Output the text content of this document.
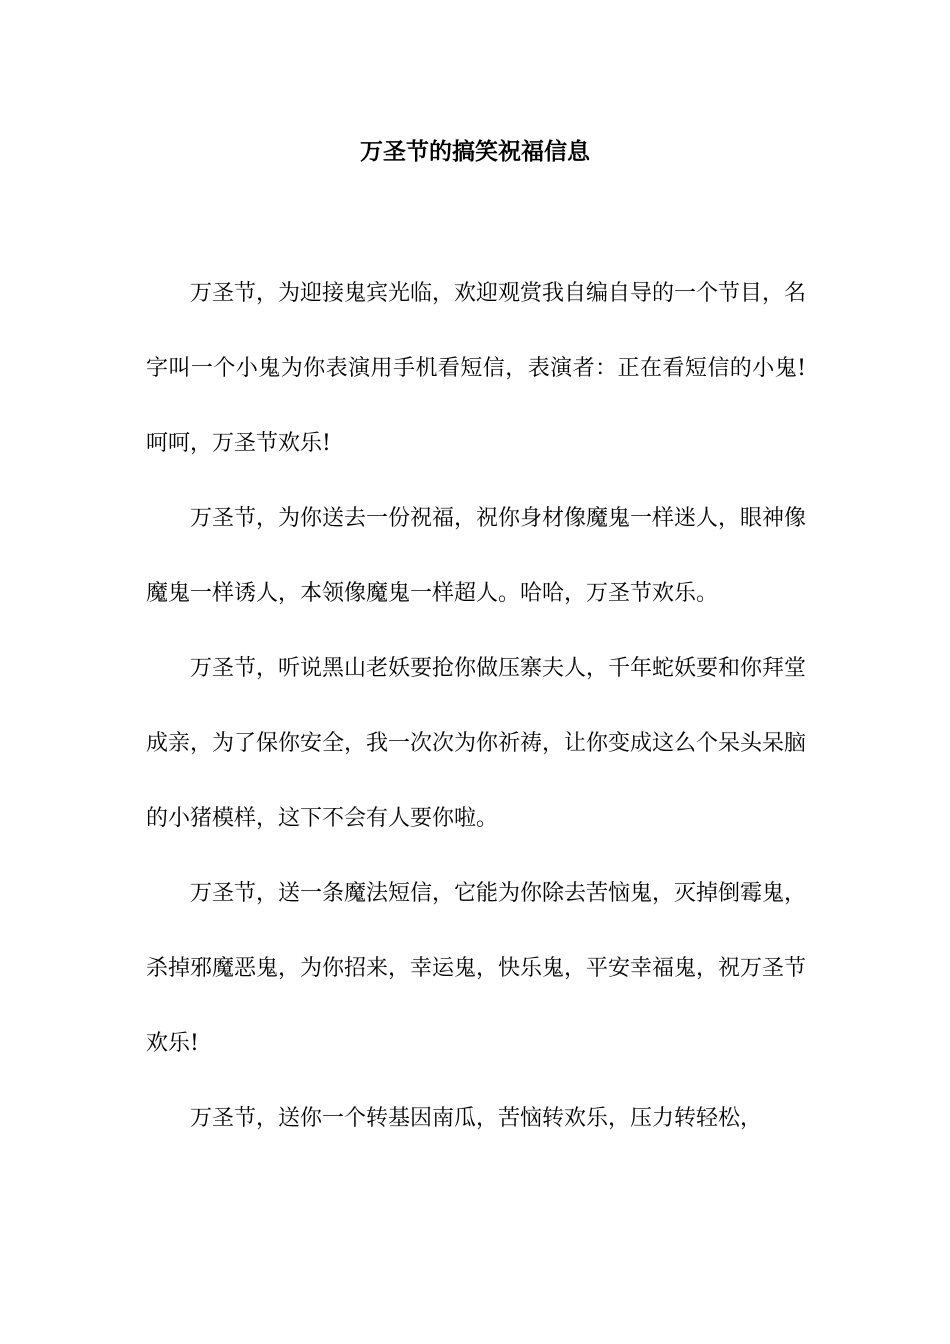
万圣节的搞笑祝福信息

万圣节，为迎接鬼宾光临，欢迎观赏我自编自导的一个节目，名字叫一个小鬼为你表演用手机看短信，表演者：正在看短信的小鬼!呵呵，万圣节欢乐!

万圣节，为你送去一份祝福，祝你身材像魔鬼一样迷人，眼神像魔鬼一样诱人，本领像魔鬼一样超人。哈哈，万圣节欢乐。

万圣节，听说黑山老妖要抢你做压寨夫人，千年蛇妖要和你拜堂成亲，为了保你安全，我一次次为你祈祷，让你变成这么个呆头呆脑的小猪模样，这下不会有人要你啦。

万圣节，送一条魔法短信，它能为你除去苦恼鬼，灭掉倒霉鬼，杀掉邪魔恶鬼，为你招来，幸运鬼，快乐鬼，平安幸福鬼，祝万圣节欢乐!

万圣节，送你一个转基因南瓜，苦恼转欢乐，压力转轻松，
